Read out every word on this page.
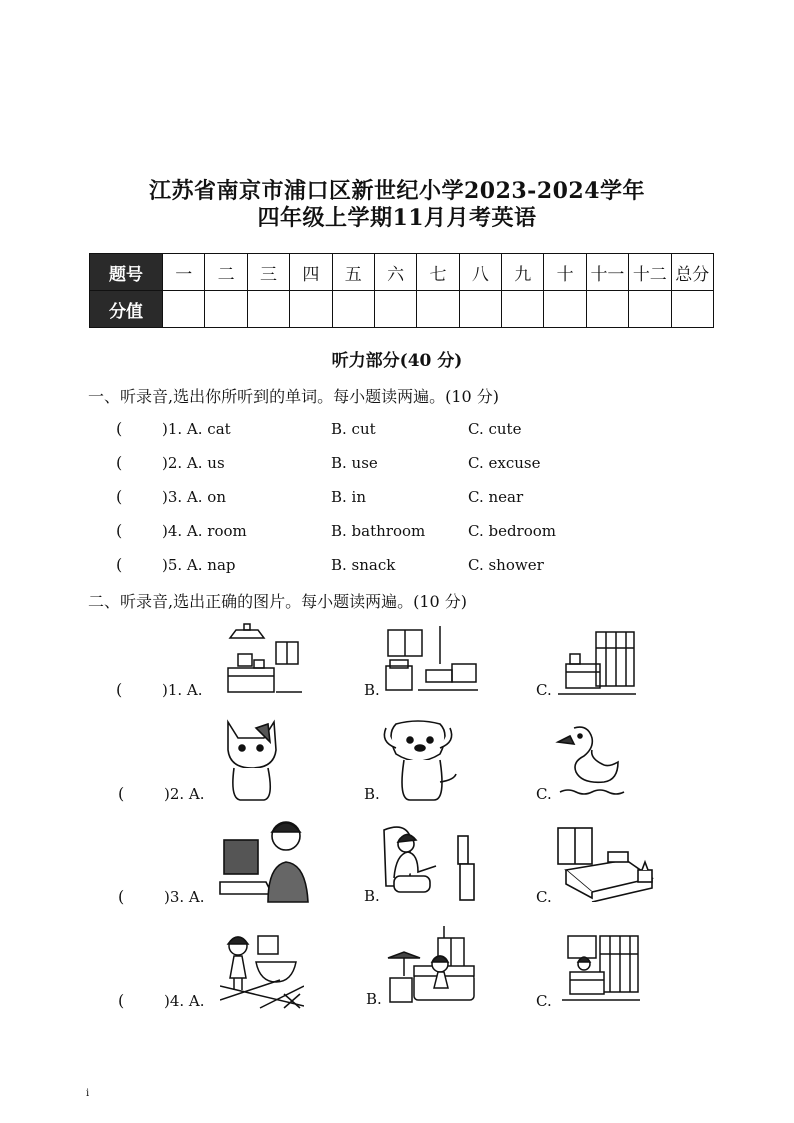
江苏省南京市浦口区新世纪小学2023-2024学年
四年级上学期11月月考英语
题号	一	二	三	四	五	六	七	八	九	十	十一	十二	总分
分值													
听力部分(40 分)
一、听录音,选出你所听到的单词。每小题读两遍。(10 分)
(	)1. A. cat	B. cut	C. cute
(	)2. A. us	B. use	C. excuse
(	)3. A. on	B. in	C. near
(	)4. A. room	B. bathroom	C. bedroom
(	)5. A. nap	B. snack	C. shower
二、听录音,选出正确的图片。每小题读两遍。(10 分)
(	)1. A.	B.	C.
(	)2. A.	B.	C.
(	)3. A.	B.	C.
(	)4. A.	B.	C.
i
